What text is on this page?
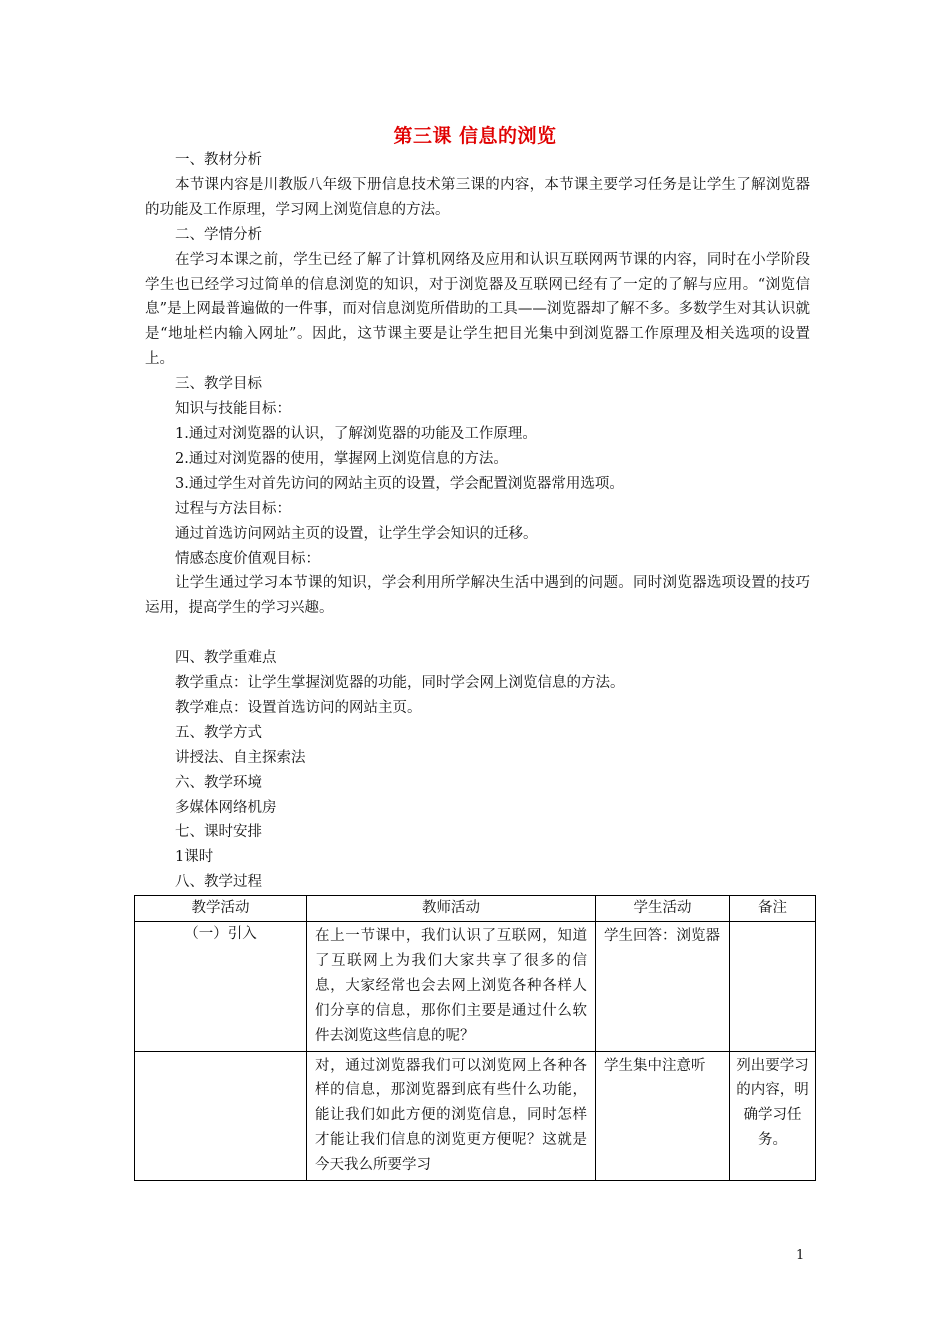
第三课 信息的浏览

一、教材分析

本节课内容是川教版八年级下册信息技术第三课的内容，本节课主要学习任务是让学生了解浏览器的功能及工作原理，学习网上浏览信息的方法。

二、学情分析

在学习本课之前，学生已经了解了计算机网络及应用和认识互联网两节课的内容，同时在小学阶段学生也已经学习过简单的信息浏览的知识，对于浏览器及互联网已经有了一定的了解与应用。“浏览信息”是上网最普遍做的一件事，而对信息浏览所借助的工具——浏览器却了解不多。多数学生对其认识就是“地址栏内输入网址”。因此，这节课主要是让学生把目光集中到浏览器工作原理及相关选项的设置上。

三、教学目标

知识与技能目标：

1.通过对浏览器的认识，了解浏览器的功能及工作原理。

2.通过对浏览器的使用，掌握网上浏览信息的方法。

3.通过学生对首先访问的网站主页的设置，学会配置浏览器常用选项。

过程与方法目标：

通过首选访问网站主页的设置，让学生学会知识的迁移。

情感态度价值观目标：

让学生通过学习本节课的知识，学会利用所学解决生活中遇到的问题。同时浏览器选项设置的技巧运用，提高学生的学习兴趣。

四、教学重难点

教学重点：让学生掌握浏览器的功能，同时学会网上浏览信息的方法。

教学难点：设置首选访问的网站主页。

五、教学方式

讲授法、自主探索法

六、教学环境

多媒体网络机房

七、课时安排

1课时

八、教学过程

教学活动	教师活动	学生活动	备注
（一）引入	在上一节课中，我们认识了互联网，知道了互联网上为我们大家共享了很多的信息，大家经常也会去网上浏览各种各样人们分享的信息，那你们主要是通过什么软件去浏览这些信息的呢？	学生回答：浏览器	
	对，通过浏览器我们可以浏览网上各种各样的信息，那浏览器到底有些什么功能，能让我们如此方便的浏览信息，同时怎样才能让我们信息的浏览更方便呢？这就是今天我么所要学习	学生集中注意听	列出要学习的内容，明确学习任务。
1
